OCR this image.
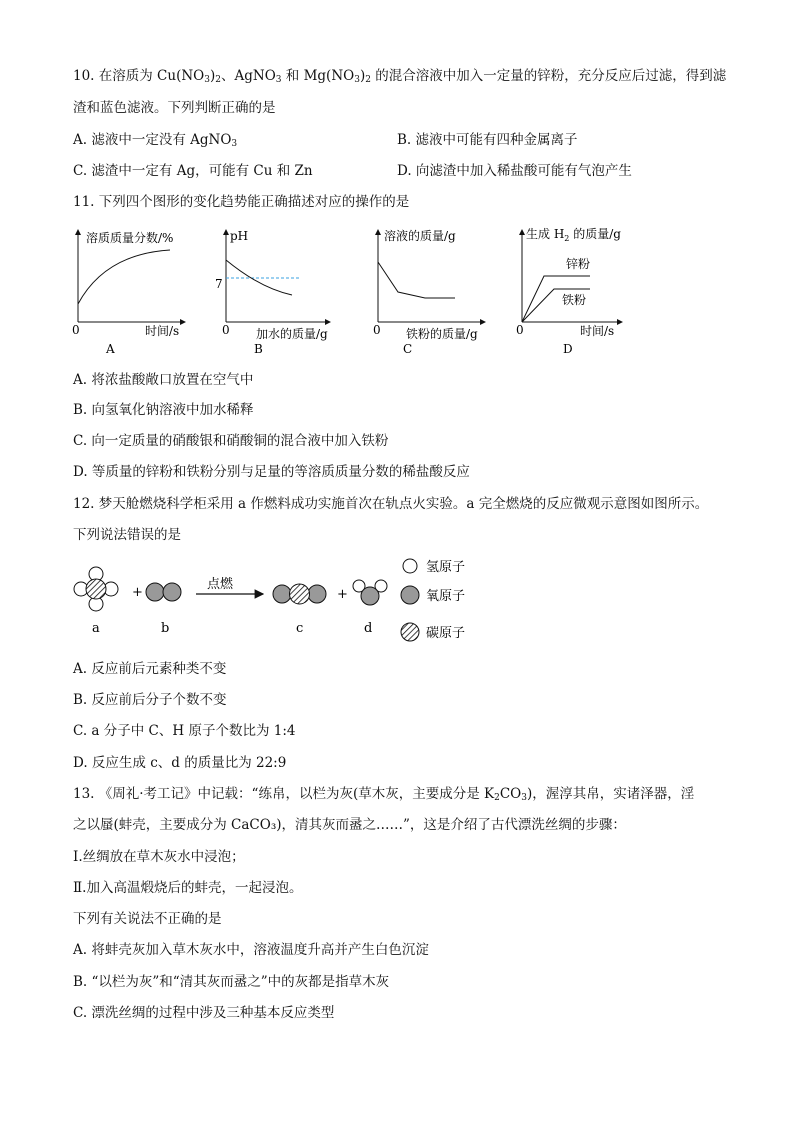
10. 在溶质为 $Cu(NO_3)_2$、AgNO$_3$ 和 $Mg(NO_3)_2$ 的混合溶液中加入一定量的锌粉，充分反应后过滤，得到滤
渣和蓝色滤液。下列判断正确的是
A. 滤液中一定没有 AgNO$_3$	B. 滤液中可能有四种金属离子
C. 滤渣中一定有 Ag，可能有 Cu 和 Zn	D. 向滤渣中加入稀盐酸可能有气泡产生
11. 下列四个图形的变化趋势能正确描述对应的操作的是
溶质质量分数/%
0	时间/s
A
pH
7
0 加水的质量/g
B
溶液的质量/g
0 铁粉的质量/g
C
生成 $H_2$ 的质量/g
锌粉
铁粉
0	时间/s
D
A. 将浓盐酸敞口放置在空气中
B. 向氢氧化钠溶液中加水稀释
C. 向一定质量的硝酸银和硝酸铜的混合液中加入铁粉
D. 等质量的锌粉和铁粉分别与足量的等溶质质量分数的稀盐酸反应
12. 梦天舱燃烧科学柜采用 a 作燃料成功实施首次在轨点火实验。a 完全燃烧的反应微观示意图如图所示。
下列说法错误的是
+
点燃
+
a	b	c	d
氢原子
氧原子
碳原子
A. 反应前后元素种类不变
B. 反应前后分子个数不变
C. a 分子中 C、H 原子个数比为 1:4
D. 反应生成 c、d 的质量比为 22:9
13. 《周礼·考工记》中记载：“练帛，以栏为灰(草木灰，主要成分是 $K_2CO_3$)，渥淳其帛，实诸泽器，淫
之以蜃(蚌壳，主要成分为 CaCO₃)，清其灰而盝之……”，这是介绍了古代漂洗丝绸的步骤：
Ⅰ.丝绸放在草木灰水中浸泡；
Ⅱ.加入高温煅烧后的蚌壳，一起浸泡。
下列有关说法不正确的是
A. 将蚌壳灰加入草木灰水中，溶液温度升高并产生白色沉淀
B. “以栏为灰”和“清其灰而盝之”中的灰都是指草木灰
C. 漂洗丝绸的过程中涉及三种基本反应类型
